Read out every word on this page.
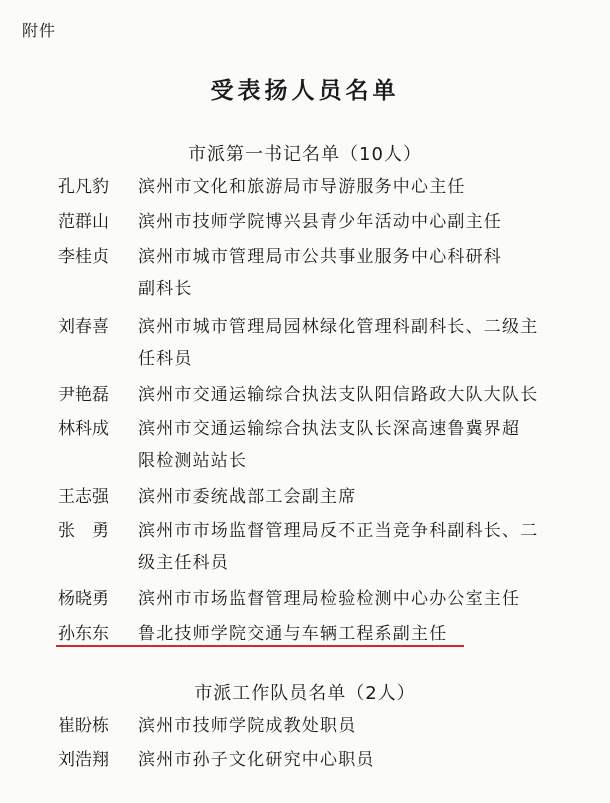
附件
受表扬人员名单
市派第一书记名单（10人）
孔凡豹	滨州市文化和旅游局市导游服务中心主任
范群山	滨州市技师学院博兴县青少年活动中心副主任
李桂贞	滨州市城市管理局市公共事业服务中心科研科
副科长
刘春喜	滨州市城市管理局园林绿化管理科副科长、二级主
任科员
尹艳磊	滨州市交通运输综合执法支队阳信路政大队大队长
林科成	滨州市交通运输综合执法支队长深高速鲁冀界超
限检测站站长
王志强	滨州市委统战部工会副主席
张　勇	滨州市市场监督管理局反不正当竞争科副科长、二
级主任科员
杨晓勇	滨州市市场监督管理局检验检测中心办公室主任
孙东东	鲁北技师学院交通与车辆工程系副主任
市派工作队员名单（2人）
崔盼栋	滨州市技师学院成教处职员
刘浩翔	滨州市孙子文化研究中心职员
